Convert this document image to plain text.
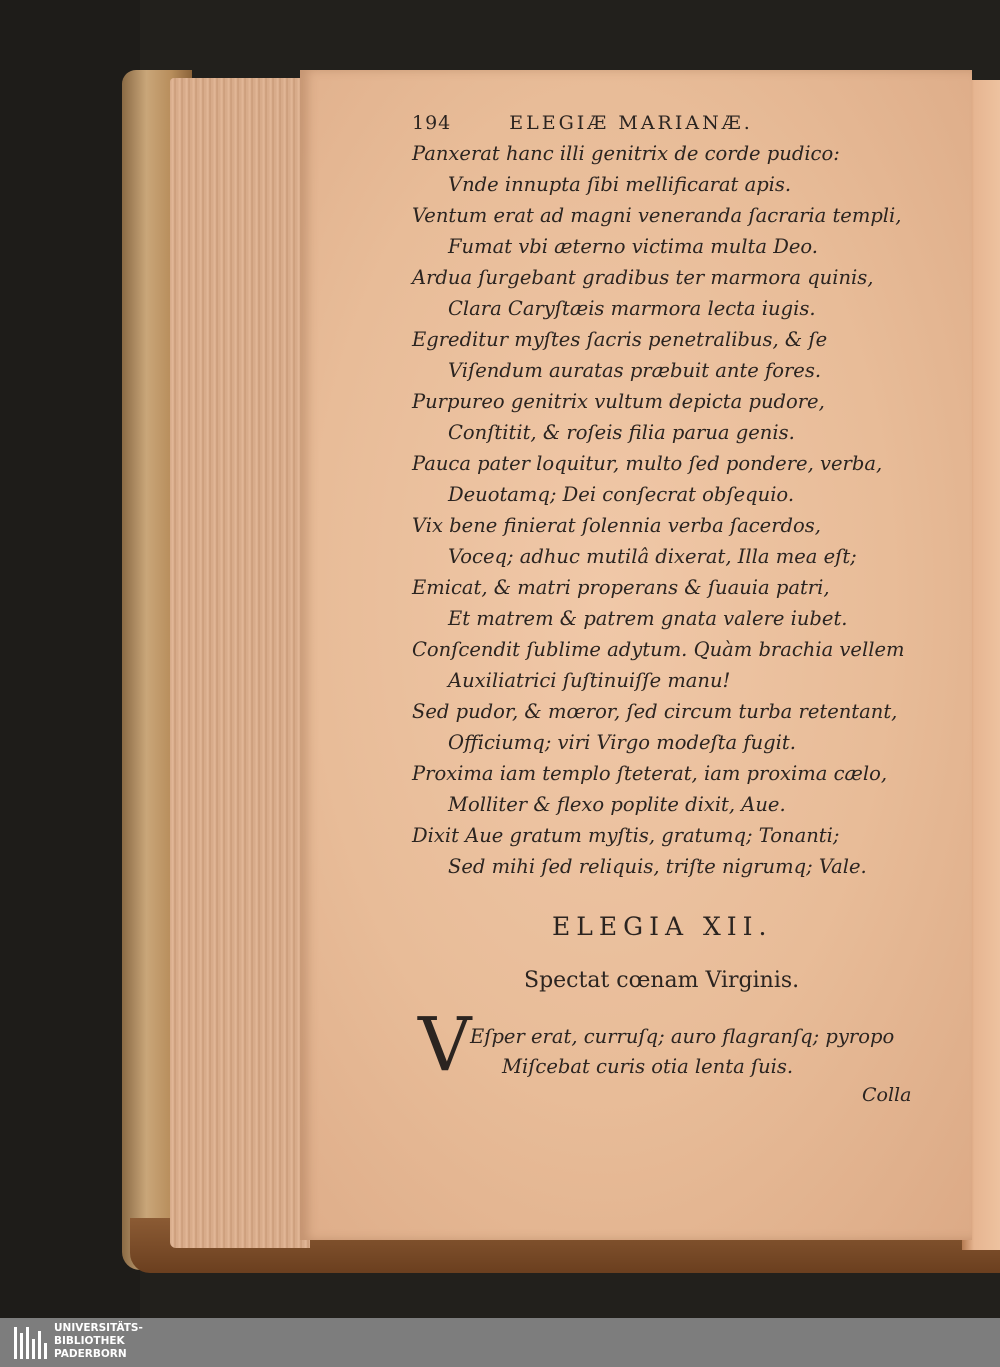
194	ELEGIÆ MARIANÆ.
Panxerat hanc illi genitrix de corde pudico:
Vnde innupta ſibi mellificarat apis.
Ventum erat ad magni veneranda ſacraria templi,
Fumat vbi æterno victima multa Deo.
Ardua ſurgebant gradibus ter marmora quinis,
Clara Caryſtæis marmora lecta iugis.
Egreditur myſtes ſacris penetralibus, & ſe
Viſendum auratas præbuit ante fores.
Purpureo genitrix vultum depicta pudore,
Conſtitit, & roſeis filia parua genis.
Pauca pater loquitur, multo ſed pondere, verba,
Deuotamq; Dei conſecrat obſequio.
Vix bene finierat ſolennia verba ſacerdos,
Voceq; adhuc mutilâ dixerat, Illa mea eſt;
Emicat, & matri properans & ſuauia patri,
Et matrem & patrem gnata valere iubet.
Conſcendit ſublime adytum. Quàm brachia vellem
Auxiliatrici ſuſtinuiſſe manu!
Sed pudor, & mœror, ſed circum turba retentant,
Officiumq; viri Virgo modeſta fugit.
Proxima iam templo ſteterat, iam proxima cælo,
Molliter & flexo poplite dixit, Aue.
Dixit Aue gratum myſtis, gratumq; Tonanti;
Sed mihi ſed reliquis, triſte nigrumq; Vale.
ELEGIA XII.
Spectat cœnam Virginis.
V
Eſper erat, curruſq; auro flagranſq; pyropo
Miſcebat curis otia lenta ſuis.
Colla
UNIVERSITÄTS-
BIBLIOTHEK
PADERBORN
